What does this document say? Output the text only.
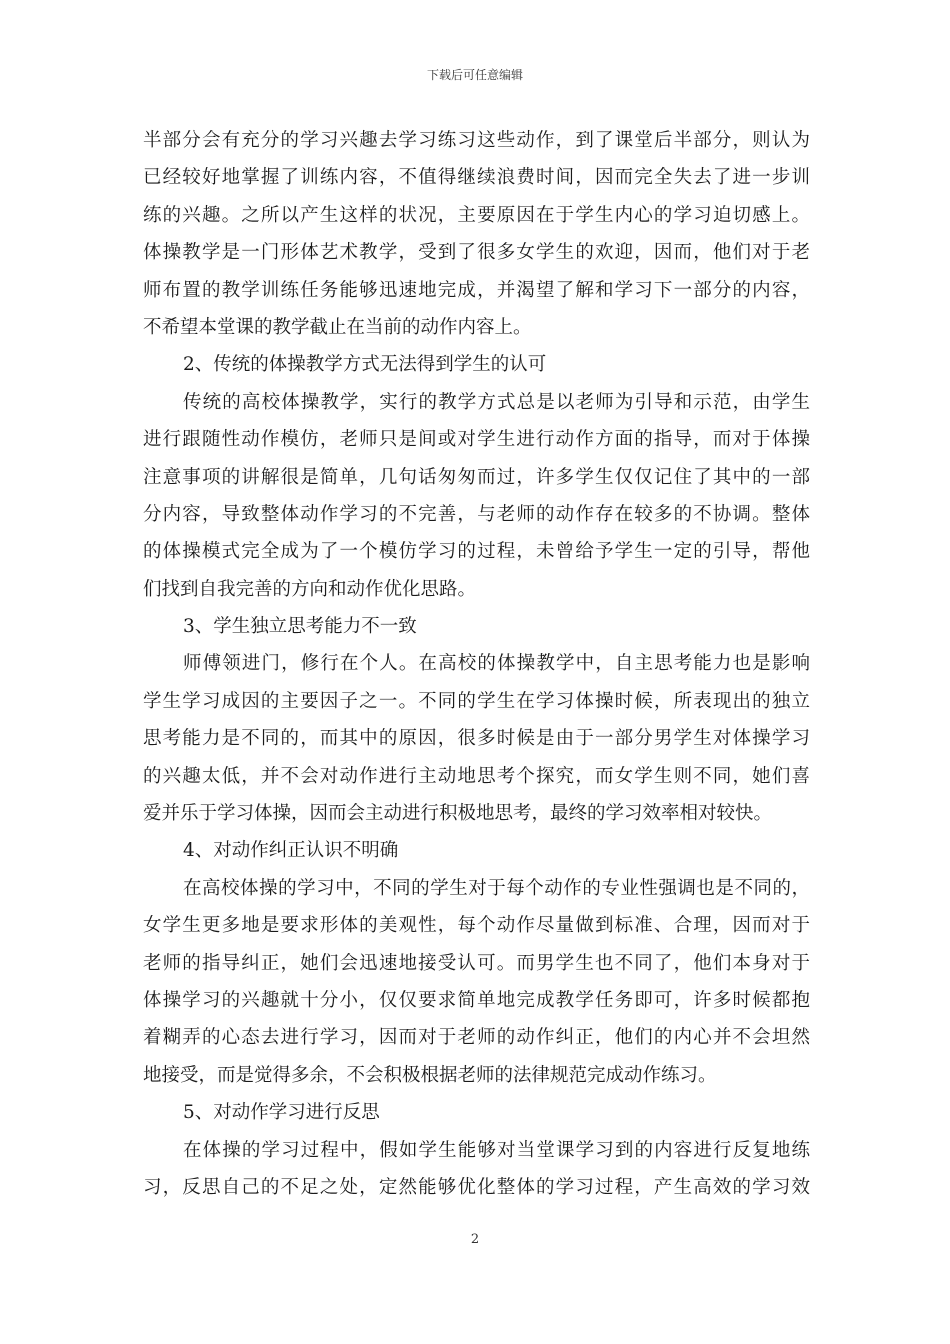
下载后可任意编辑
半部分会有充分的学习兴趣去学习练习这些动作，到了课堂后半部分，则认为
已经较好地掌握了训练内容，不值得继续浪费时间，因而完全失去了进一步训
练的兴趣。之所以产生这样的状况，主要原因在于学生内心的学习迫切感上。
体操教学是一门形体艺术教学，受到了很多女学生的欢迎，因而，他们对于老
师布置的教学训练任务能够迅速地完成，并渴望了解和学习下一部分的内容，
不希望本堂课的教学截止在当前的动作内容上。
2、传统的体操教学方式无法得到学生的认可
传统的高校体操教学，实行的教学方式总是以老师为引导和示范，由学生
进行跟随性动作模仿，老师只是间或对学生进行动作方面的指导，而对于体操
注意事项的讲解很是简单，几句话匆匆而过，许多学生仅仅记住了其中的一部
分内容，导致整体动作学习的不完善，与老师的动作存在较多的不协调。整体
的体操模式完全成为了一个模仿学习的过程，未曾给予学生一定的引导，帮他
们找到自我完善的方向和动作优化思路。
3、学生独立思考能力不一致
师傅领进门，修行在个人。在高校的体操教学中，自主思考能力也是影响
学生学习成因的主要因子之一。不同的学生在学习体操时候，所表现出的独立
思考能力是不同的，而其中的原因，很多时候是由于一部分男学生对体操学习
的兴趣太低，并不会对动作进行主动地思考个探究，而女学生则不同，她们喜
爱并乐于学习体操，因而会主动进行积极地思考，最终的学习效率相对较快。
4、对动作纠正认识不明确
在高校体操的学习中，不同的学生对于每个动作的专业性强调也是不同的，
女学生更多地是要求形体的美观性，每个动作尽量做到标准、合理，因而对于
老师的指导纠正，她们会迅速地接受认可。而男学生也不同了，他们本身对于
体操学习的兴趣就十分小，仅仅要求简单地完成教学任务即可，许多时候都抱
着糊弄的心态去进行学习，因而对于老师的动作纠正，他们的内心并不会坦然
地接受，而是觉得多余，不会积极根据老师的法律规范完成动作练习。
5、对动作学习进行反思
在体操的学习过程中，假如学生能够对当堂课学习到的内容进行反复地练
习，反思自己的不足之处，定然能够优化整体的学习过程，产生高效的学习效
2
